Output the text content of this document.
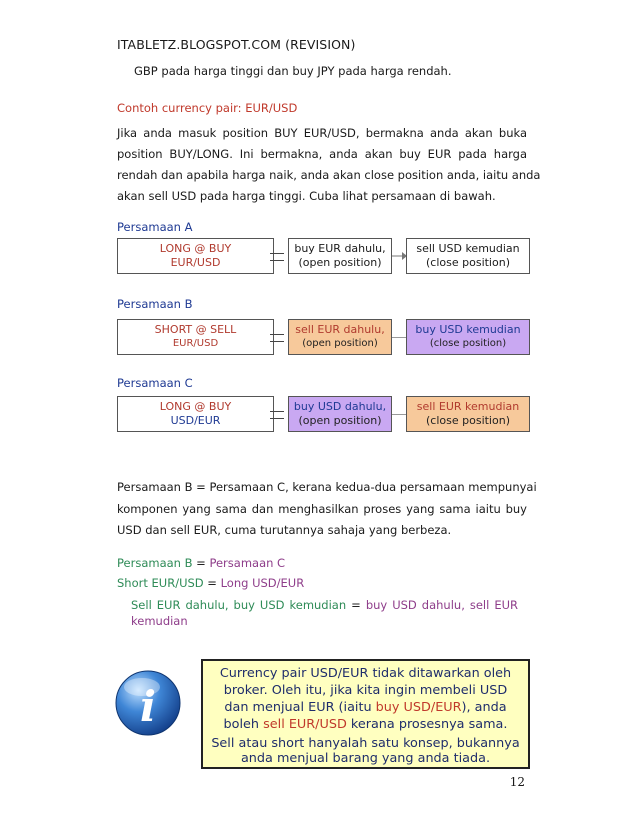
ITABLETZ.BLOGSPOT.COM (REVISION)
GBP pada harga tinggi dan buy JPY pada harga rendah.
Contoh currency pair: EUR/USD
Jika anda masuk position BUY EUR/USD, bermakna anda akan buka
position BUY/LONG. Ini bermakna, anda akan buy EUR pada harga
rendah dan apabila harga naik, anda akan close position anda, iaitu anda
akan sell USD pada harga tinggi. Cuba lihat persamaan di bawah.
Persamaan A
LONG @ BUY
EUR/USD
buy EUR dahulu,
(open position)
sell USD kemudian
(close position)
Persamaan B
SHORT @ SELL
EUR/USD
sell EUR dahulu,
(open position)
buy USD kemudian
(close position)
Persamaan C
LONG @ BUY
USD/EUR
buy USD dahulu,
(open position)
sell EUR kemudian
(close position)
Persamaan B = Persamaan C, kerana kedua-dua persamaan mempunyai
komponen yang sama dan menghasilkan proses yang sama iaitu buy
USD dan sell EUR, cuma turutannya sahaja yang berbeza.
Persamaan B = Persamaan C
Short EUR/USD = Long USD/EUR
Sell EUR dahulu, buy USD kemudian = buy USD dahulu, sell EUR
kemudian
i
Currency pair USD/EUR tidak ditawarkan oleh
broker. Oleh itu, jika kita ingin membeli USD
dan menjual EUR (iaitu buy USD/EUR), anda
boleh sell EUR/USD kerana prosesnya sama.
Sell atau short hanyalah satu konsep, bukannya
anda menjual barang yang anda tiada.
12
